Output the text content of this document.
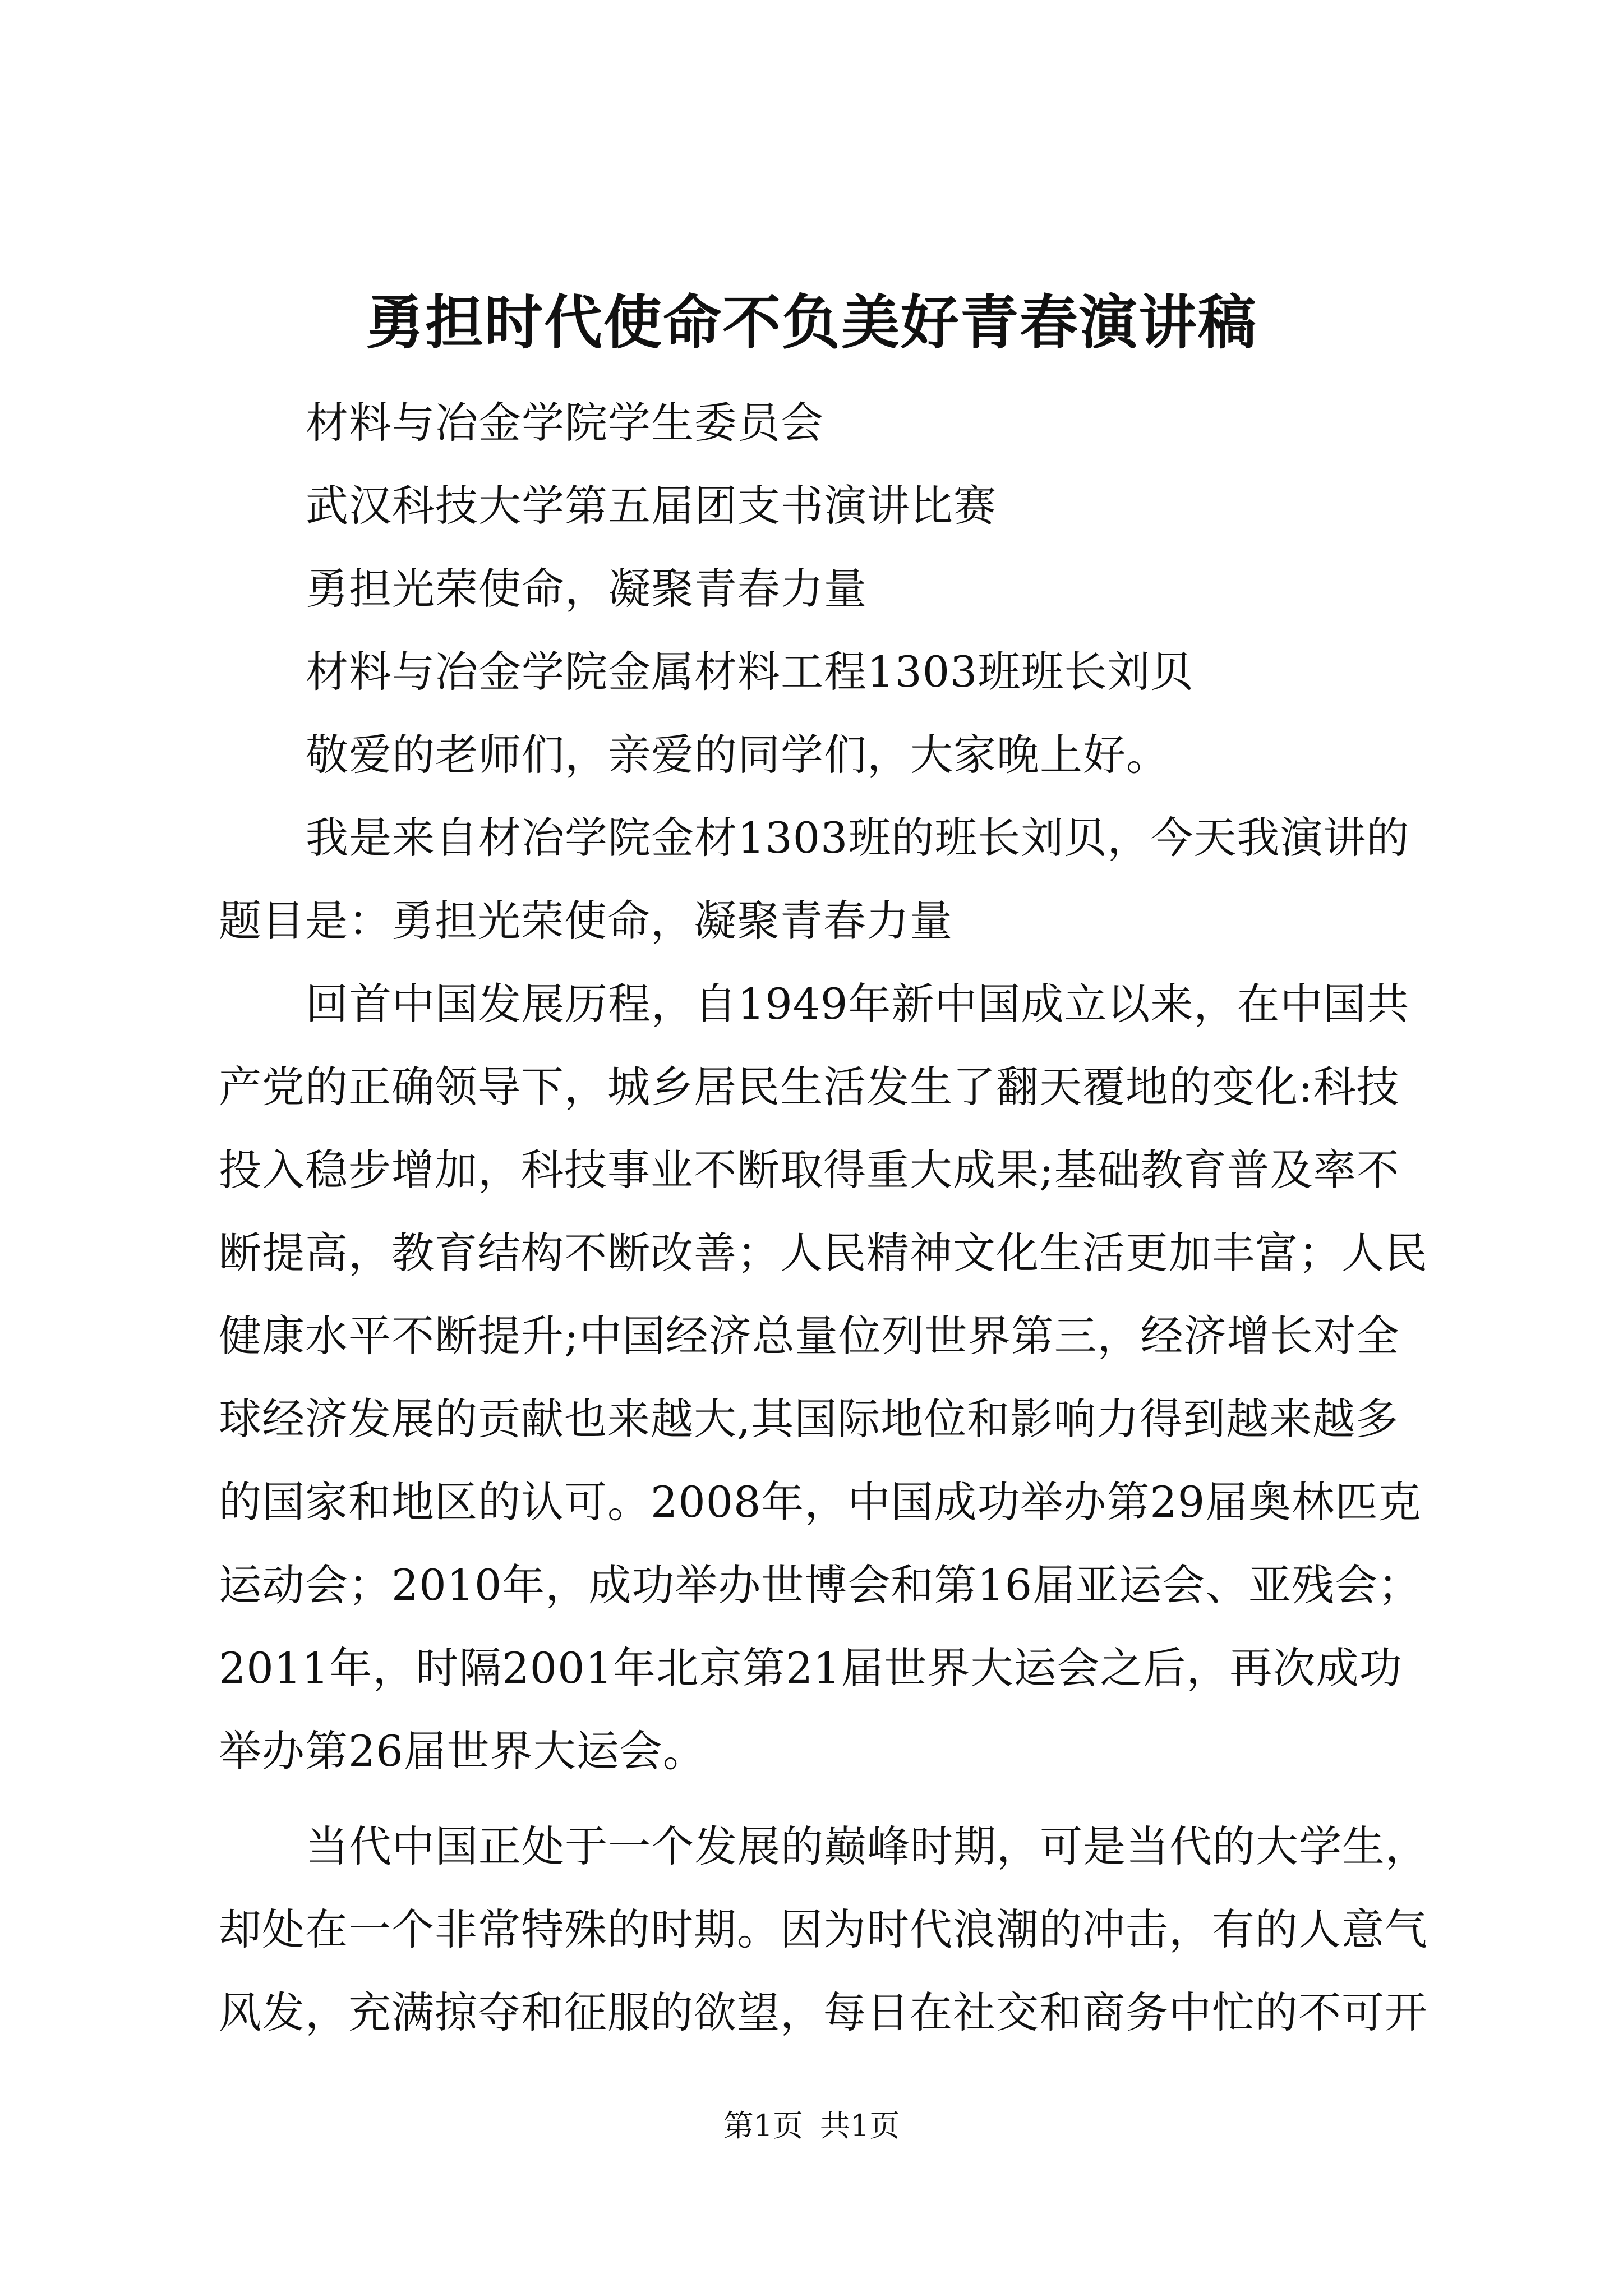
勇担时代使命不负美好青春演讲稿
材料与冶金学院学生委员会
武汉科技大学第五届团支书演讲比赛
勇担光荣使命，凝聚青春力量
材料与冶金学院金属材料工程1303班班长刘贝
敬爱的老师们，亲爱的同学们，大家晚上好。
我是来自材冶学院金材1303班的班长刘贝，今天我演讲的
题目是：勇担光荣使命，凝聚青春力量
回首中国发展历程，自1949年新中国成立以来，在中国共
产党的正确领导下，城乡居民生活发生了翻天覆地的变化:科技
投入稳步增加，科技事业不断取得重大成果;基础教育普及率不
断提高，教育结构不断改善；人民精神文化生活更加丰富；人民
健康水平不断提升;中国经济总量位列世界第三，经济增长对全
球经济发展的贡献也来越大,其国际地位和影响力得到越来越多
的国家和地区的认可。2008年，中国成功举办第29届奥林匹克
运动会；2010年，成功举办世博会和第16届亚运会、亚残会；
2011年，时隔2001年北京第21届世界大运会之后，再次成功
举办第26届世界大运会。
当代中国正处于一个发展的巅峰时期，可是当代的大学生，
却处在一个非常特殊的时期。因为时代浪潮的冲击，有的人意气
风发，充满掠夺和征服的欲望，每日在社交和商务中忙的不可开
第1页 共1页
